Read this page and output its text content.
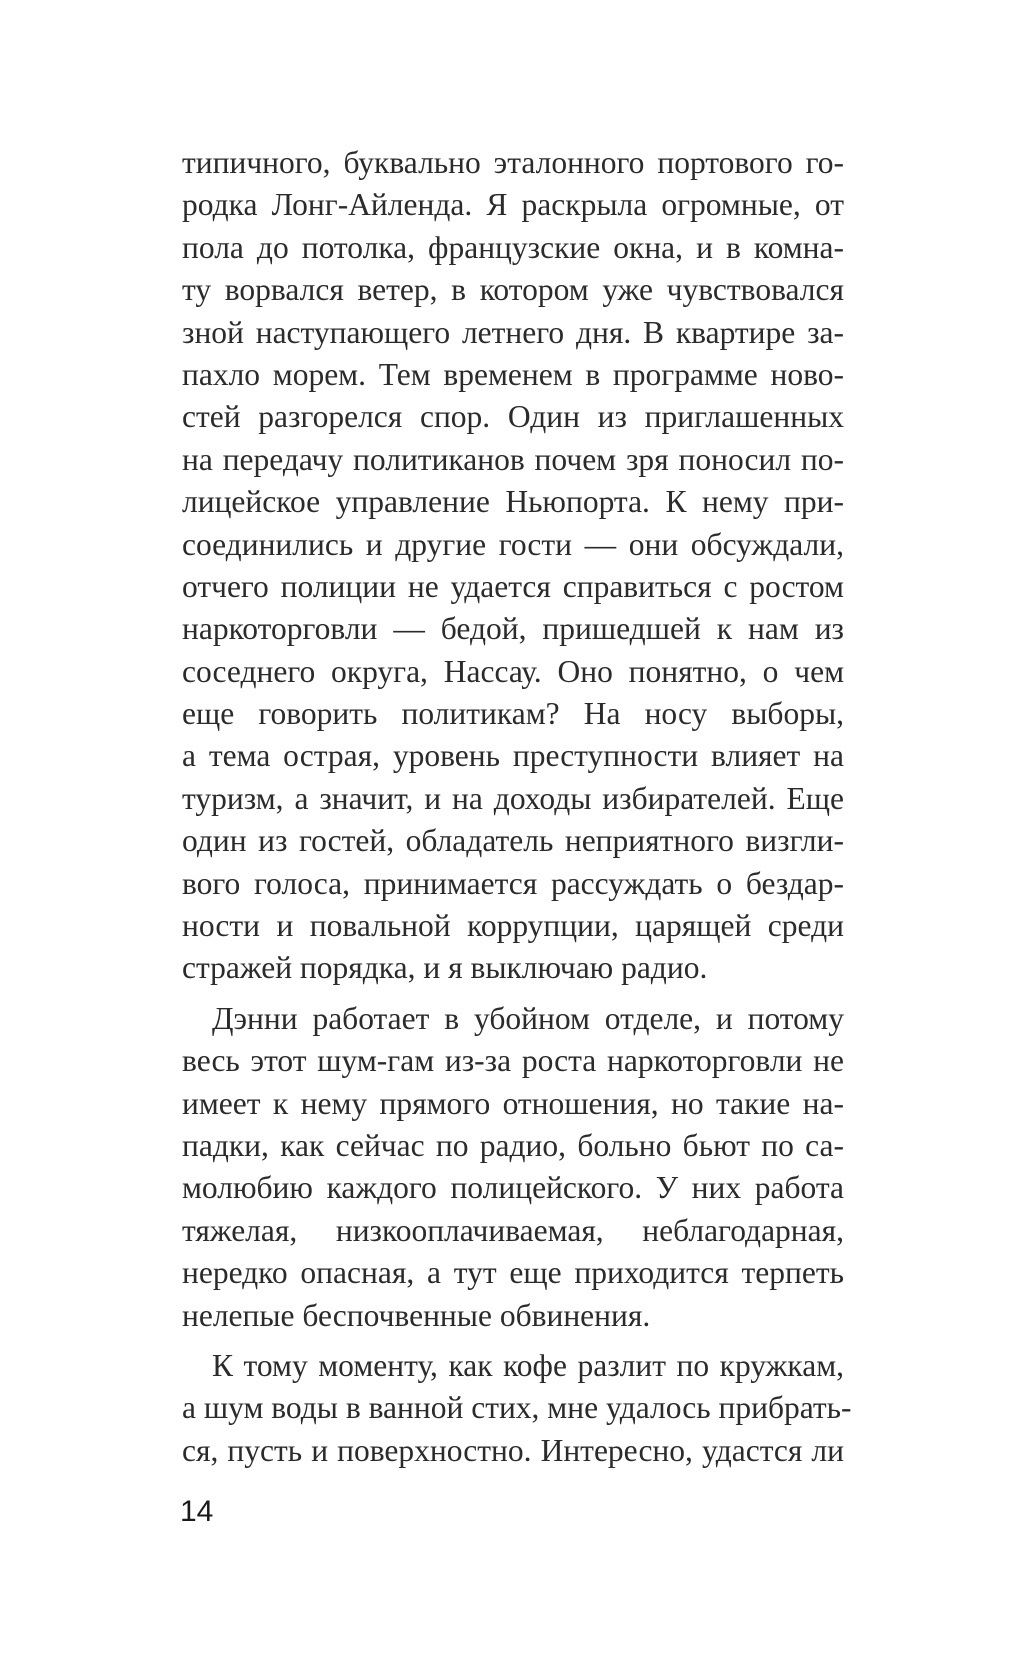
типичного, буквально эталонного портового го-
родка Лонг-Айленда. Я раскрыла огромные, от
пола до потолка, французские окна, и в комна-
ту ворвался ветер, в котором уже чувствовался
зной наступающего летнего дня. В квартире за-
пахло морем. Тем временем в программе ново-
стей разгорелся спор. Один из приглашенных
на передачу политиканов почем зря поносил по-
лицейское управление Ньюпорта. К нему при-
соединились и другие гости — они обсуждали,
отчего полиции не удается справиться с ростом
наркоторговли — бедой, пришедшей к нам из
соседнего округа, Нассау. Оно понятно, о чем
еще говорить политикам? На носу выборы,
а тема острая, уровень преступности влияет на
туризм, а значит, и на доходы избирателей. Еще
один из гостей, обладатель неприятного визгли-
вого голоса, принимается рассуждать о бездар-
ности и повальной коррупции, царящей среди
стражей порядка, и я выключаю радио.
Дэнни работает в убойном отделе, и потому
весь этот шум-гам из-за роста наркоторговли не
имеет к нему прямого отношения, но такие на-
падки, как сейчас по радио, больно бьют по са-
молюбию каждого полицейского. У них работа
тяжелая, низкооплачиваемая, неблагодарная,
нередко опасная, а тут еще приходится терпеть
нелепые беспочвенные обвинения.
К тому моменту, как кофе разлит по кружкам,
а шум воды в ванной стих, мне удалось прибрать-
ся, пусть и поверхностно. Интересно, удастся ли
14
